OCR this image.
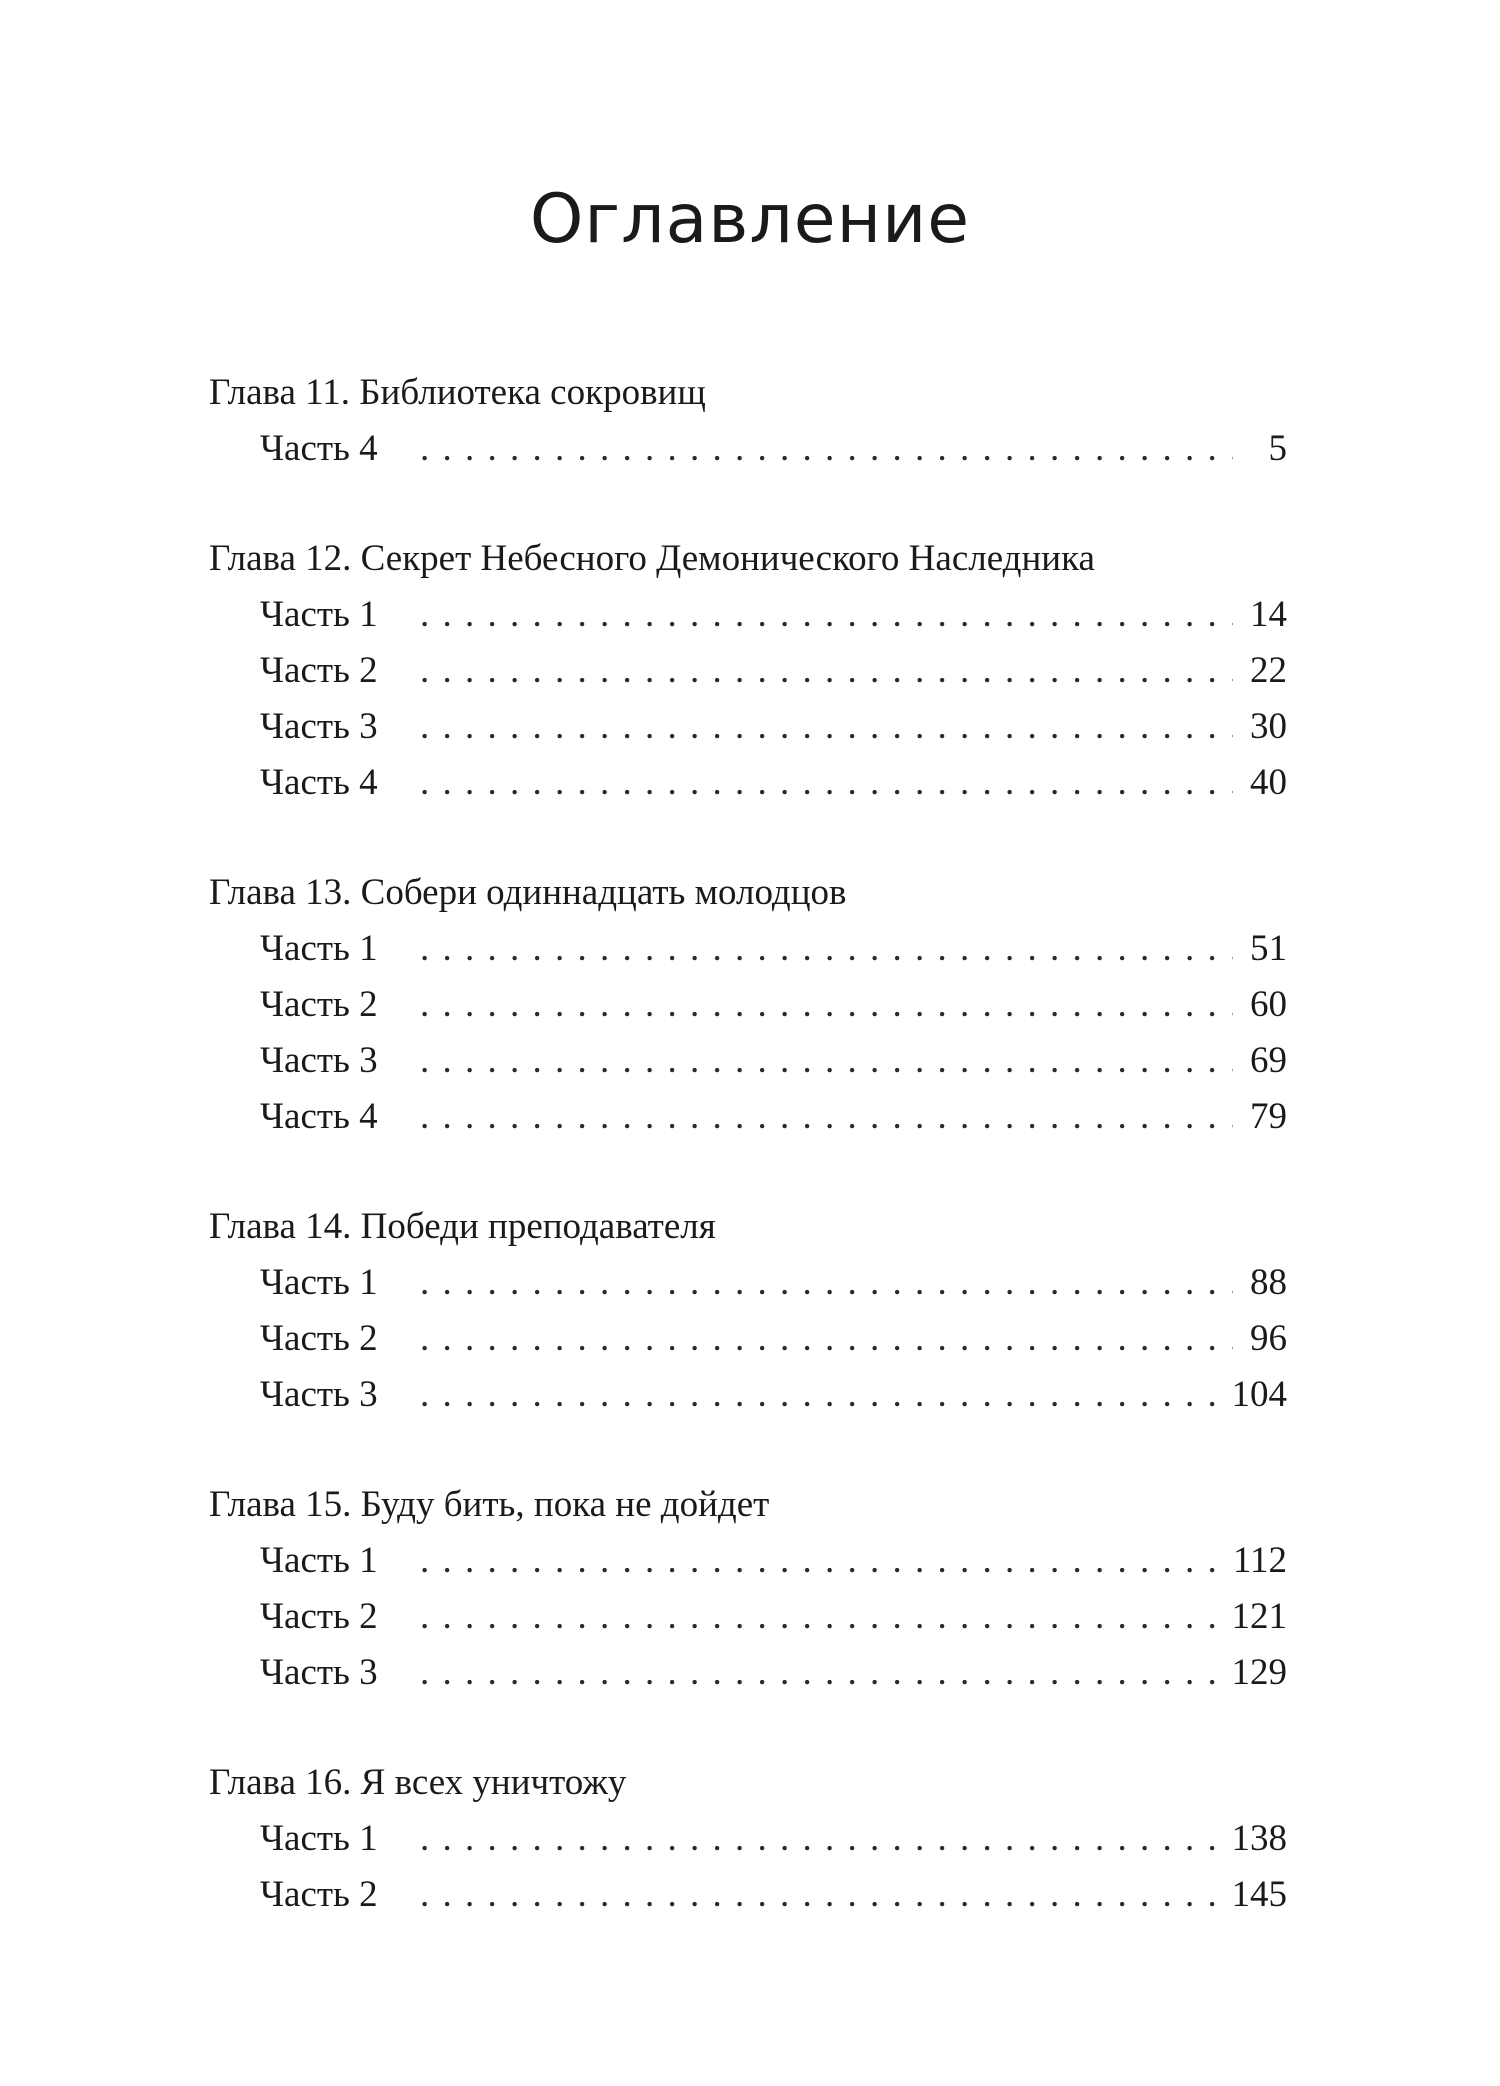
Оглавление
Глава 11. Библиотека сокровищ
Часть 4 . . .	5
Глава 12. Секрет Небесного Демонического Наследника
Часть 1 . . .	14
Часть 2 . . .	22
Часть 3 . . .	30
Часть 4 . . .	40
Глава 13. Собери одиннадцать молодцов
Часть 1 . . .	51
Часть 2 . . .	60
Часть 3 . . .	69
Часть 4 . . .	79
Глава 14. Победи преподавателя
Часть 1 . . .	88
Часть 2 . . .	96
Часть 3 . . .	104
Глава 15. Буду бить, пока не дойдет
Часть 1 . . .	112
Часть 2 . . .	121
Часть 3 . . .	129
Глава 16. Я всех уничтожу
Часть 1 . . .	138
Часть 2 . . .	145
